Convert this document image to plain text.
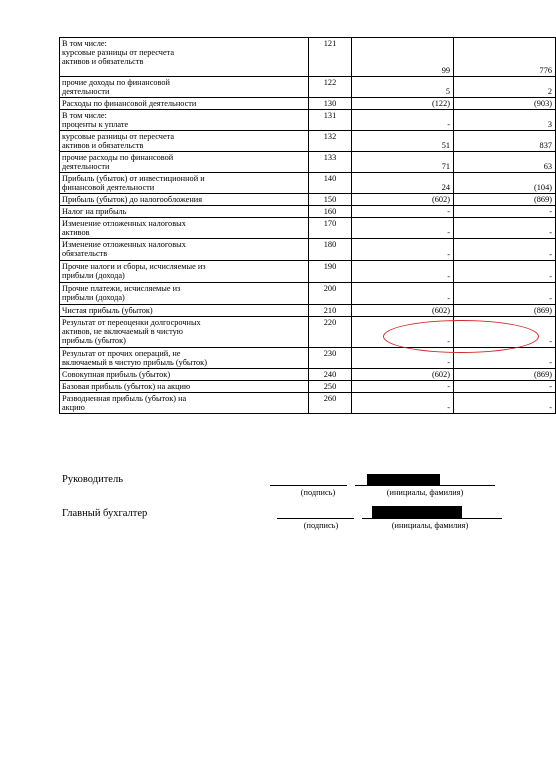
В том числе:
курсовые разницы от пересчета
активов и обязательств	121	99	776
прочие доходы по финансовой
деятельности	122	5	2
Расходы по финансовой деятельности	130	(122)	(903)
В том числе:
проценты к уплате	131	-	3
курсовые разницы от пересчета
активов и обязательств	132	51	837
прочие расходы по финансовой
деятельности	133	71	63
Прибыль (убыток) от инвестиционной и
финансовой деятельности	140	24	(104)
Прибыль (убыток) до налогообложения	150	(602)	(869)
Налог на прибыль	160	-	-
Изменение отложенных налоговых
активов	170	-	-
Изменение отложенных налоговых
обязательств	180	-	-
Прочие налоги и сборы, исчисляемые из
прибыли (дохода)	190	-	-
Прочие платежи, исчисляемые из
прибыли (дохода)	200	-	-
Чистая прибыль (убыток)	210	(602)	(869)
Результат от переоценки долгосрочных
активов, не включаемый в чистую
прибыль (убыток)	220	-	-
Результат от прочих операций, не
включаемый в чистую прибыль (убыток)	230	-	-
Совокупная прибыль (убыток)	240	(602)	(869)
Базовая прибыль (убыток) на акцию	250	-	-
Разводненная прибыль (убыток) на
акцию	260	-	-
Руководитель
(подпись)	(инициалы, фамилия)
Главный бухгалтер
(подпись)	(инициалы, фамилия)
